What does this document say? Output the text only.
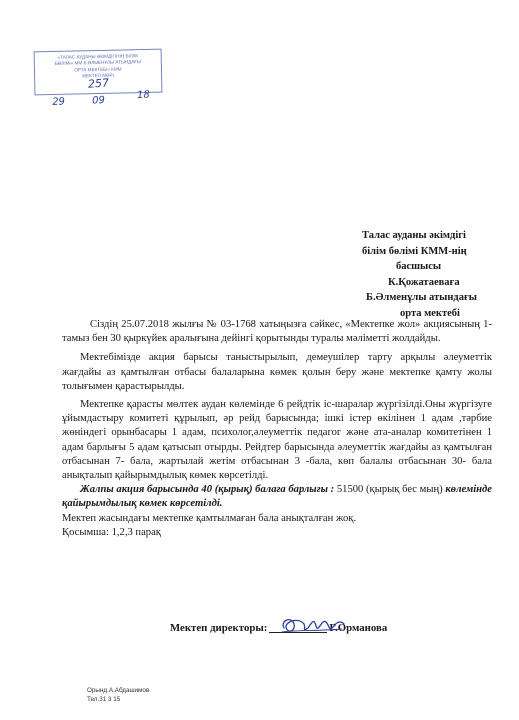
«ТАЛАС АУДАНЫ ӘКІМДІГІНІҢ БІЛІМ
БӨЛІМІ» ММ Б.ӘЛМЕНҰЛЫ АТЫНДАҒЫ
ОРТА МЕКТЕБІ» КММ
МЕКТЕП МӨРІ
257
29	09	18
Талас ауданы әкімдігі
білім бөлімі КММ-нің
басшысы
К.Қожатаеваға
Б.Әлменұлы атындағы
орта мектебі

Сіздің 25.07.2018 жылғы № 03-1768 хатыңызға сәйкес, «Мектепке жол» акциясының 1-тамыз бен 30 қыркүйек аралығына дейінгі қорытынды туралы мәліметті жолдайды.

Мектебімізде акция барысы таныстырылып, демеушілер тарту арқылы әлеуметтік жағдайы аз қамтылған отбасы балаларына көмек қолын беру және мектепке қамту жолы толығымен қарастырылды.

Мектепке қарасты мөлтек аудан көлемінде 6 рейдтік іс-шаралар жүргізілді.Оны жүргізуге ұйымдастыру комитеті құрылып, әр рейд барысында; ішкі істер өкілінен 1 адам ,тәрбие жөніндегі орынбасары 1 адам, психолог,әлеуметтік педагог және ата-аналар комитетінен 1 адам барлығы 5 адам қатысып отырды. Рейдтер барысында әлеуметтік жағдайы аз қамтылған отбасынан 7- бала, жартылай жетім отбасынан 3 -бала, көп балалы отбасынан 30- бала анықталып қайырымдылық көмек көрсетілді.

Жалпы акция барысында 40 (қырық) балаға барлығы : 51500 (қырық бес мың) көлемінде қайырымдылық көмек көрсетілді.

Мектеп жасындағы мектепке қамтылмаған бала анықталған жоқ.

Қосымша: 1,2,3 парақ

Мектеп директоры:	Г.Орманова
Орынд.А.Абдашимов
Тел.31 3 15
